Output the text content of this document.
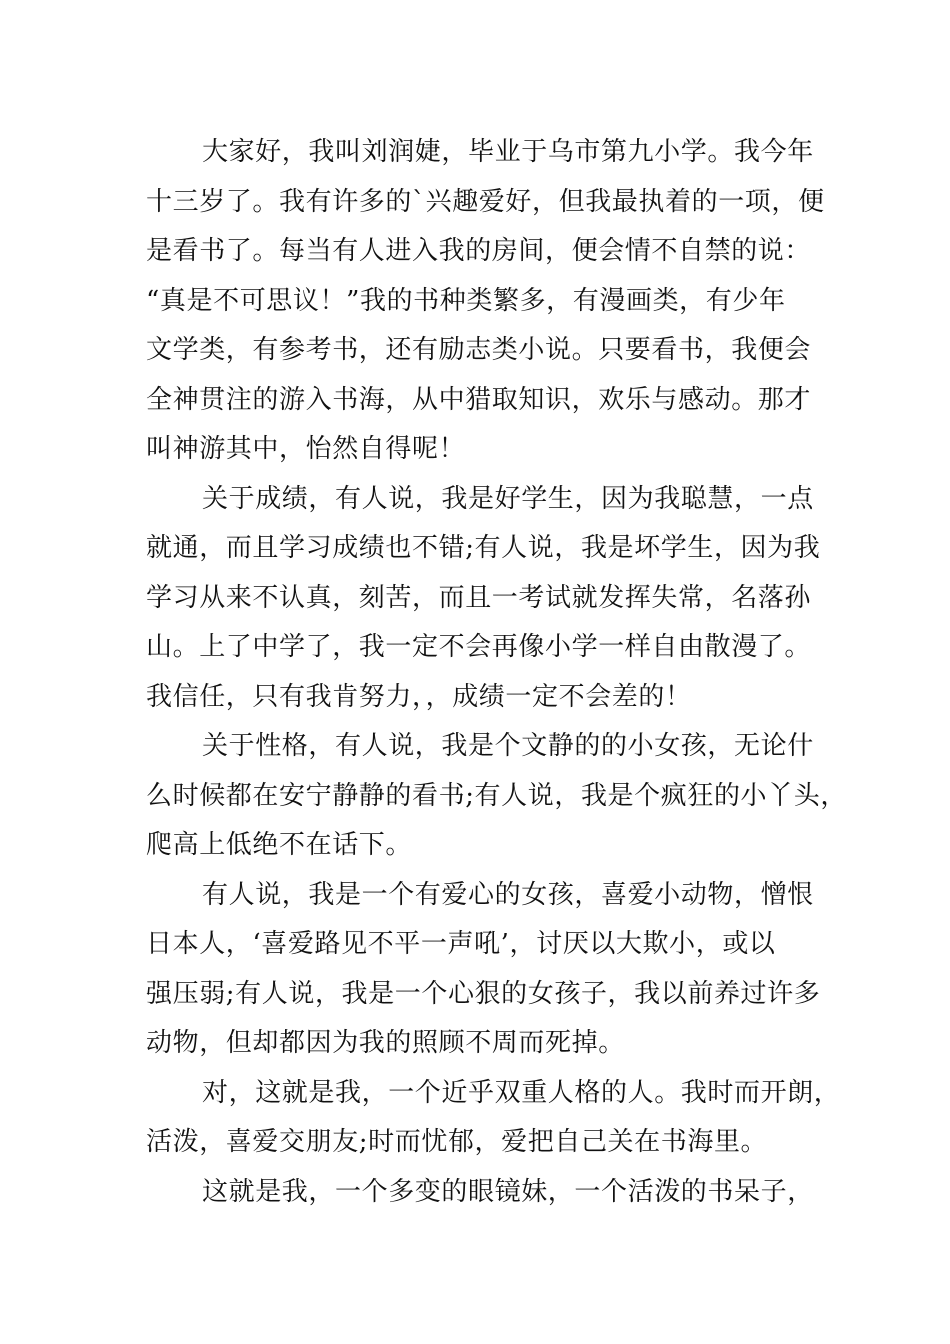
大家好，我叫刘润婕，毕业于乌市第九小学。我今年
十三岁了。我有许多的`兴趣爱好，但我最执着的一项，便
是看书了。每当有人进入我的房间，便会情不自禁的说：
“真是不可思议！”我的书种类繁多，有漫画类，有少年
文学类，有参考书，还有励志类小说。只要看书，我便会
全神贯注的游入书海，从中猎取知识，欢乐与感动。那才
叫神游其中，怡然自得呢！
关于成绩，有人说，我是好学生，因为我聪慧，一点
就通，而且学习成绩也不错;有人说，我是坏学生，因为我
学习从来不认真，刻苦，而且一考试就发挥失常，名落孙
山。上了中学了，我一定不会再像小学一样自由散漫了。
我信任，只有我肯努力，，成绩一定不会差的！
关于性格，有人说，我是个文静的的小女孩，无论什
么时候都在安宁静静的看书;有人说，我是个疯狂的小丫头，
爬高上低绝不在话下。
有人说，我是一个有爱心的女孩，喜爱小动物，憎恨
日本人，‘喜爱路见不平一声吼’，讨厌以大欺小，或以
强压弱;有人说，我是一个心狠的女孩子，我以前养过许多
动物，但却都因为我的照顾不周而死掉。
对，这就是我，一个近乎双重人格的人。我时而开朗，
活泼，喜爱交朋友;时而忧郁，爱把自己关在书海里。
这就是我，一个多变的眼镜妹，一个活泼的书呆子，
